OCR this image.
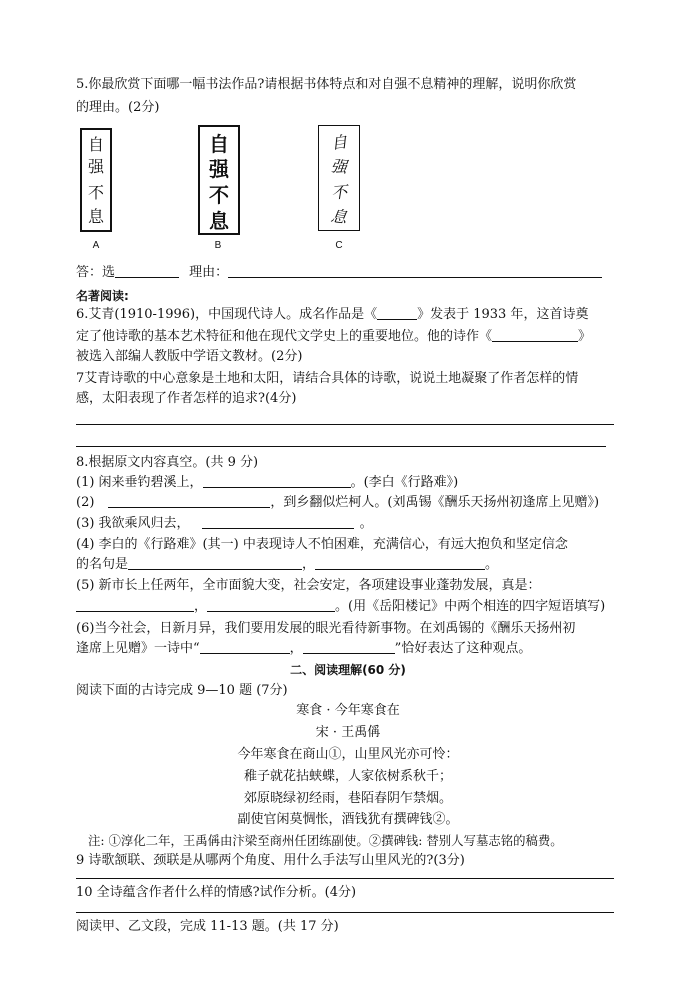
5.你最欣赏下面哪一幅书法作品?请根据书体特点和对自强不息精神的理解，说明你欣赏
的理由。(2分)
自
强
不
息
A
自
强
不
息
B
自
强
不
息
C
答：选	理由：
名著阅读:
6.艾青(1910-1996)，中国现代诗人。成名作品是《	》发表于 1933 年，这首诗奠
定了他诗歌的基本艺术特征和他在现代文学史上的重要地位。他的诗作《	》
被选入部编人教版中学语文教材。(2分)
7艾青诗歌的中心意象是土地和太阳，请结合具体的诗歌，说说土地凝聚了作者怎样的情
感，太阳表现了作者怎样的追求?(4分)
8.根据原文内容真空。(共 9 分)
(1) 闲来垂钓碧溪上，	。(李白《行路难》)
(2)	，到乡翻似烂柯人。(刘禹锡《酬乐天扬州初逢席上见赠》)
(3) 我欲乘风归去，	。
(4) 李白的《行路难》(其一) 中表现诗人不怕困难，充满信心，有远大抱负和坚定信念
的名句是	，	。
(5) 新市长上任两年，全市面貌大变，社会安定，各项建设事业蓬勃发展，真是：
，	。(用《岳阳楼记》中两个相连的四字短语填写)
(6)当今社会，日新月异，我们要用发展的眼光看待新事物。在刘禹锡的《酬乐天扬州初
逢席上见赠》一诗中“	，	”恰好表达了这种观点。
二、阅读理解(60 分)
阅读下面的古诗完成 9—10 题 (7分)
寒食 · 今年寒食在
宋 · 王禹偁
今年寒食在商山①，山里风光亦可怜：
稚子就花拈蛱蝶，人家依树系秋千；
郊原晓绿初经雨，巷陌春阴乍禁烟。
副使官闲莫惆怅，酒钱犹有撰碑钱②。
注: ①淳化二年，王禹偁由汴梁至商州任团练副使。②撰碑钱: 替别人写墓志铭的稿费。
9 诗歌颔联、颈联是从哪两个角度、用什么手法写山里风光的?(3分)
10 全诗蕴含作者什么样的情感?试作分析。(4分)
阅读甲、乙文段，完成 11-13 题。(共 17 分)
